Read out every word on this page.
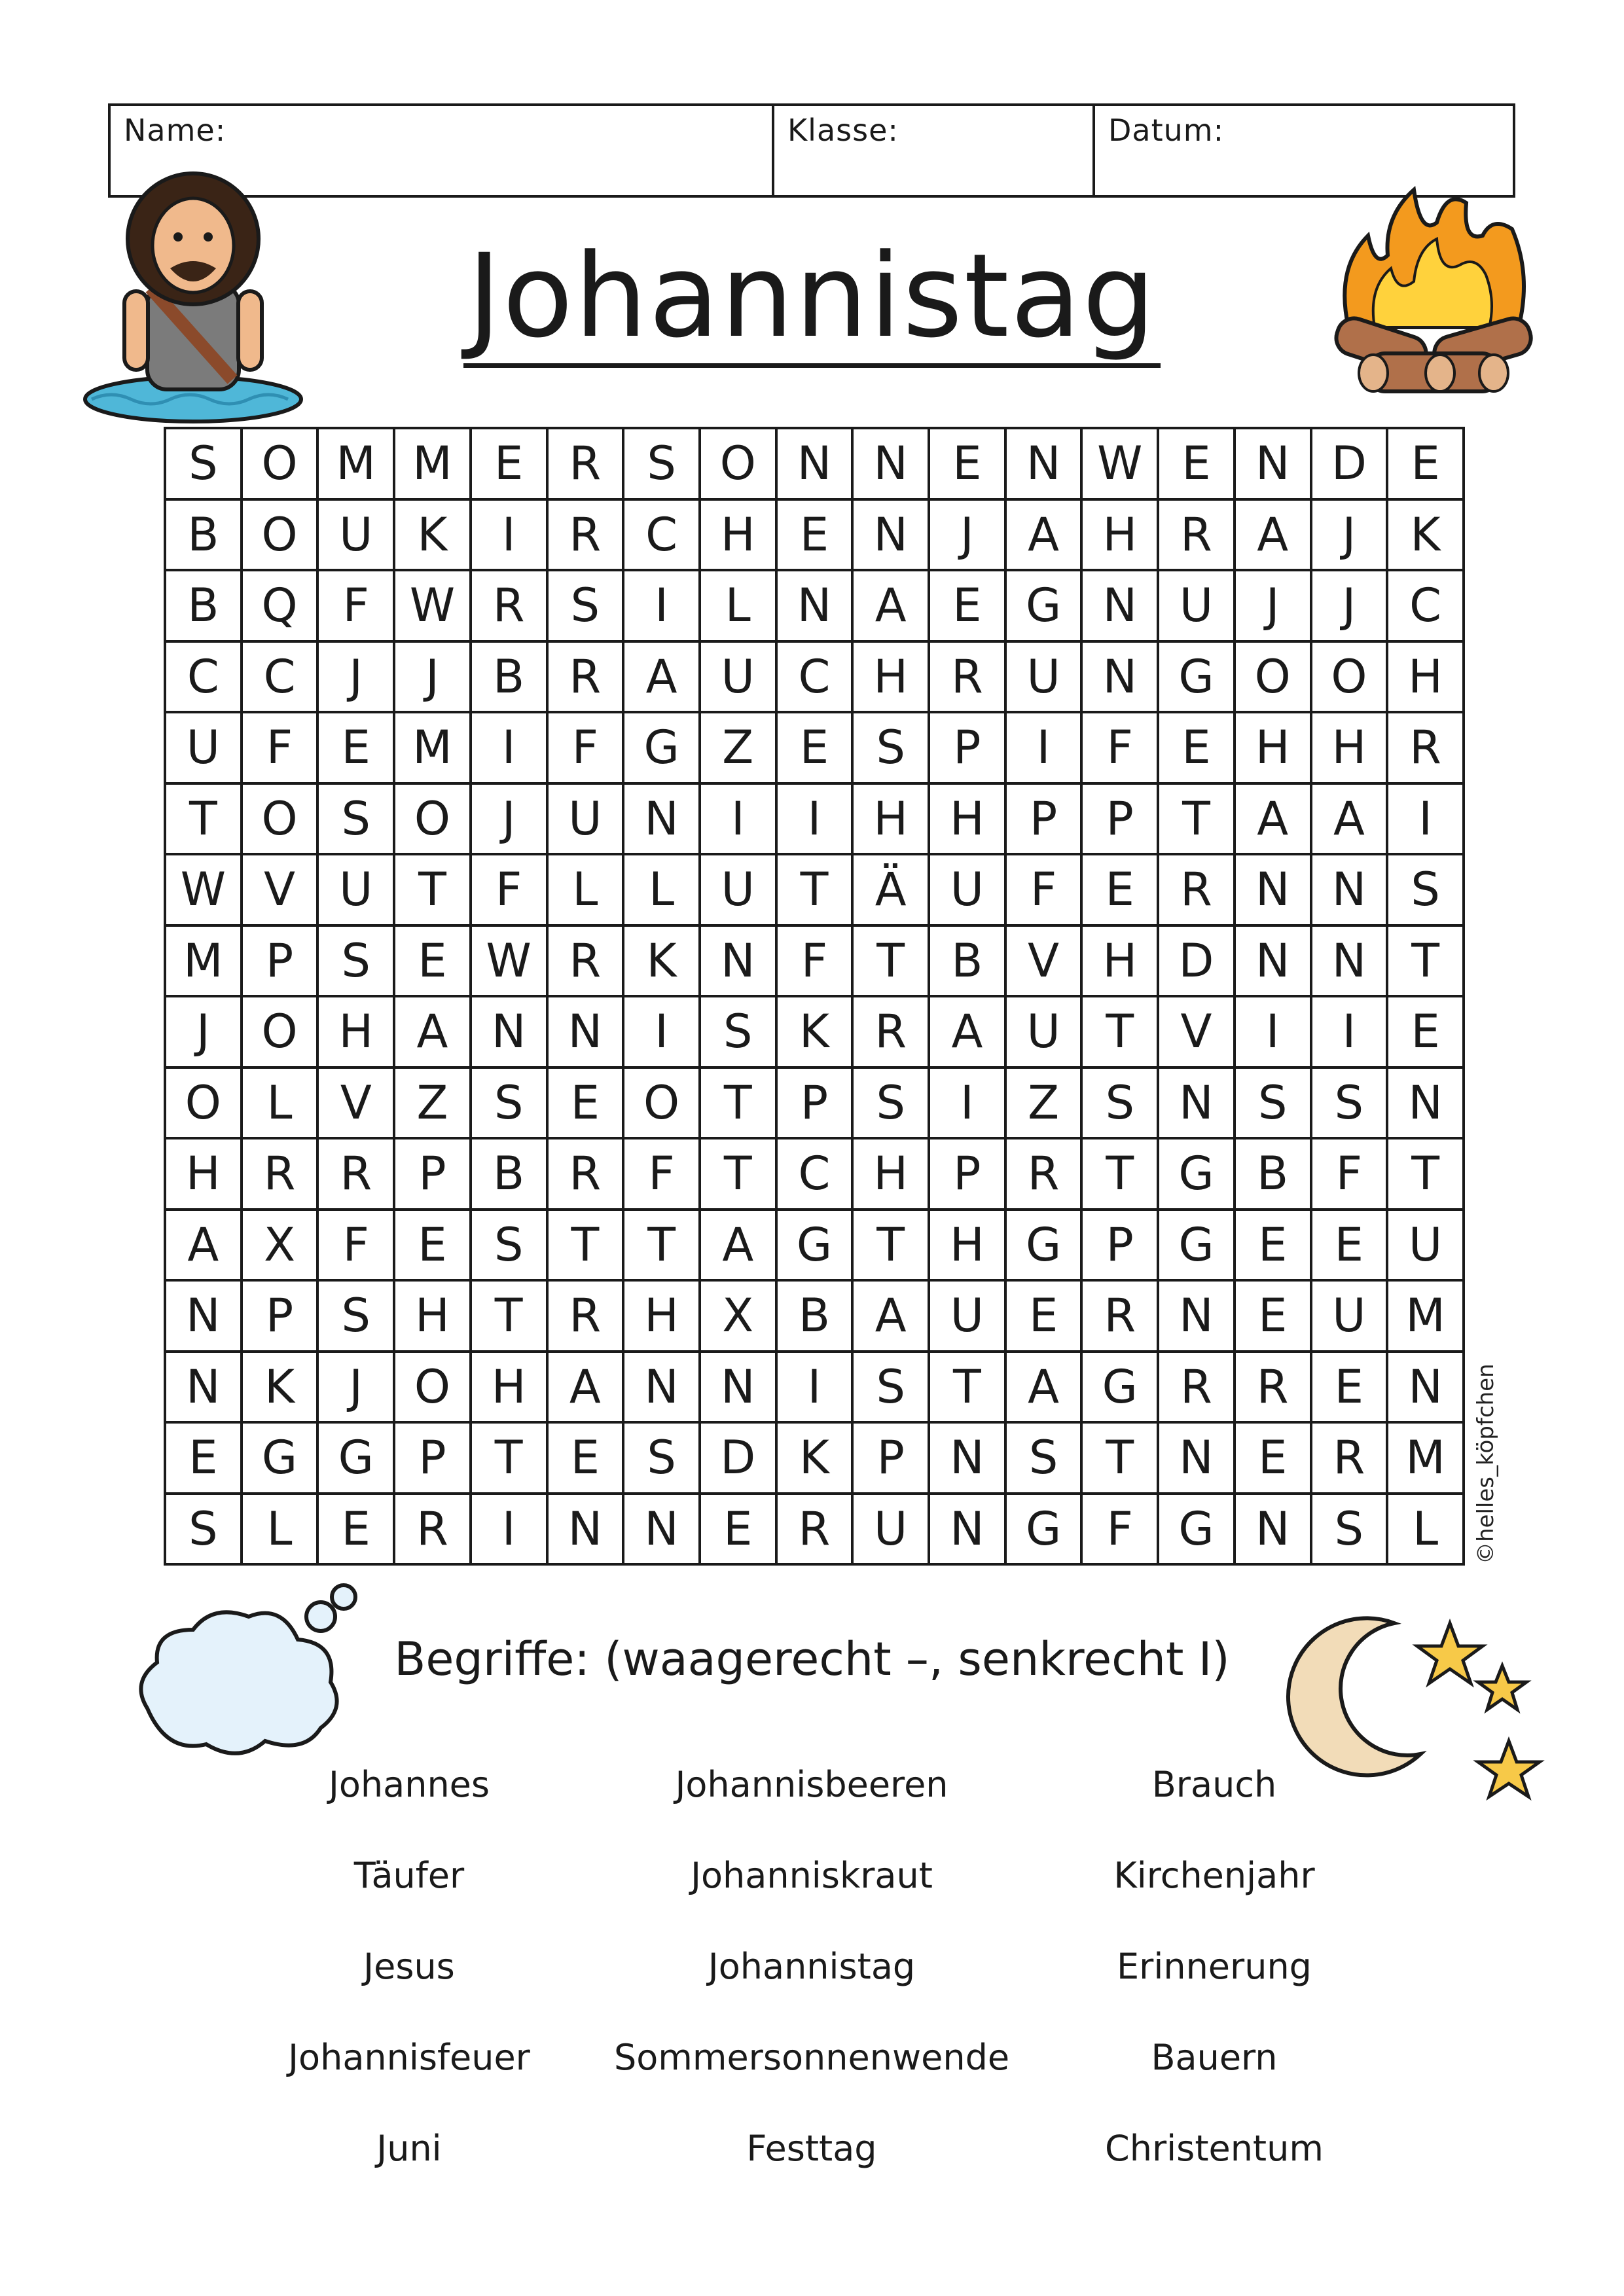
Name:	Klasse:	Datum:
Johannistag
S	O	M	M	E	R	S	O	N	N	E	N	W	E	N	D	E
B	O	U	K	I	R	C	H	E	N	J	A	H	R	A	J	K
B	Q	F	W	R	S	I	L	N	A	E	G	N	U	J	J	C
C	C	J	J	B	R	A	U	C	H	R	U	N	G	O	O	H
U	F	E	M	I	F	G	Z	E	S	P	I	F	E	H	H	R
T	O	S	O	J	U	N	I	I	H	H	P	P	T	A	A	I
W	V	U	T	F	L	L	U	T	Ä	U	F	E	R	N	N	S
M	P	S	E	W	R	K	N	F	T	B	V	H	D	N	N	T
J	O	H	A	N	N	I	S	K	R	A	U	T	V	I	I	E
O	L	V	Z	S	E	O	T	P	S	I	Z	S	N	S	S	N
H	R	R	P	B	R	F	T	C	H	P	R	T	G	B	F	T
A	X	F	E	S	T	T	A	G	T	H	G	P	G	E	E	U
N	P	S	H	T	R	H	X	B	A	U	E	R	N	E	U	M
N	K	J	O	H	A	N	N	I	S	T	A	G	R	R	E	N
E	G	G	P	T	E	S	D	K	P	N	S	T	N	E	R	M
S	L	E	R	I	N	N	E	R	U	N	G	F	G	N	S	L ©helles_köpfchen
Begriffe: (waagerecht –, senkrecht I)
Johannes
Täufer
Jesus
Johannisfeuer
Juni
Johannisbeeren
Johanniskraut
Johannistag
Sommersonnenwende
Festtag
Brauch
Kirchenjahr
Erinnerung
Bauern
Christentum
